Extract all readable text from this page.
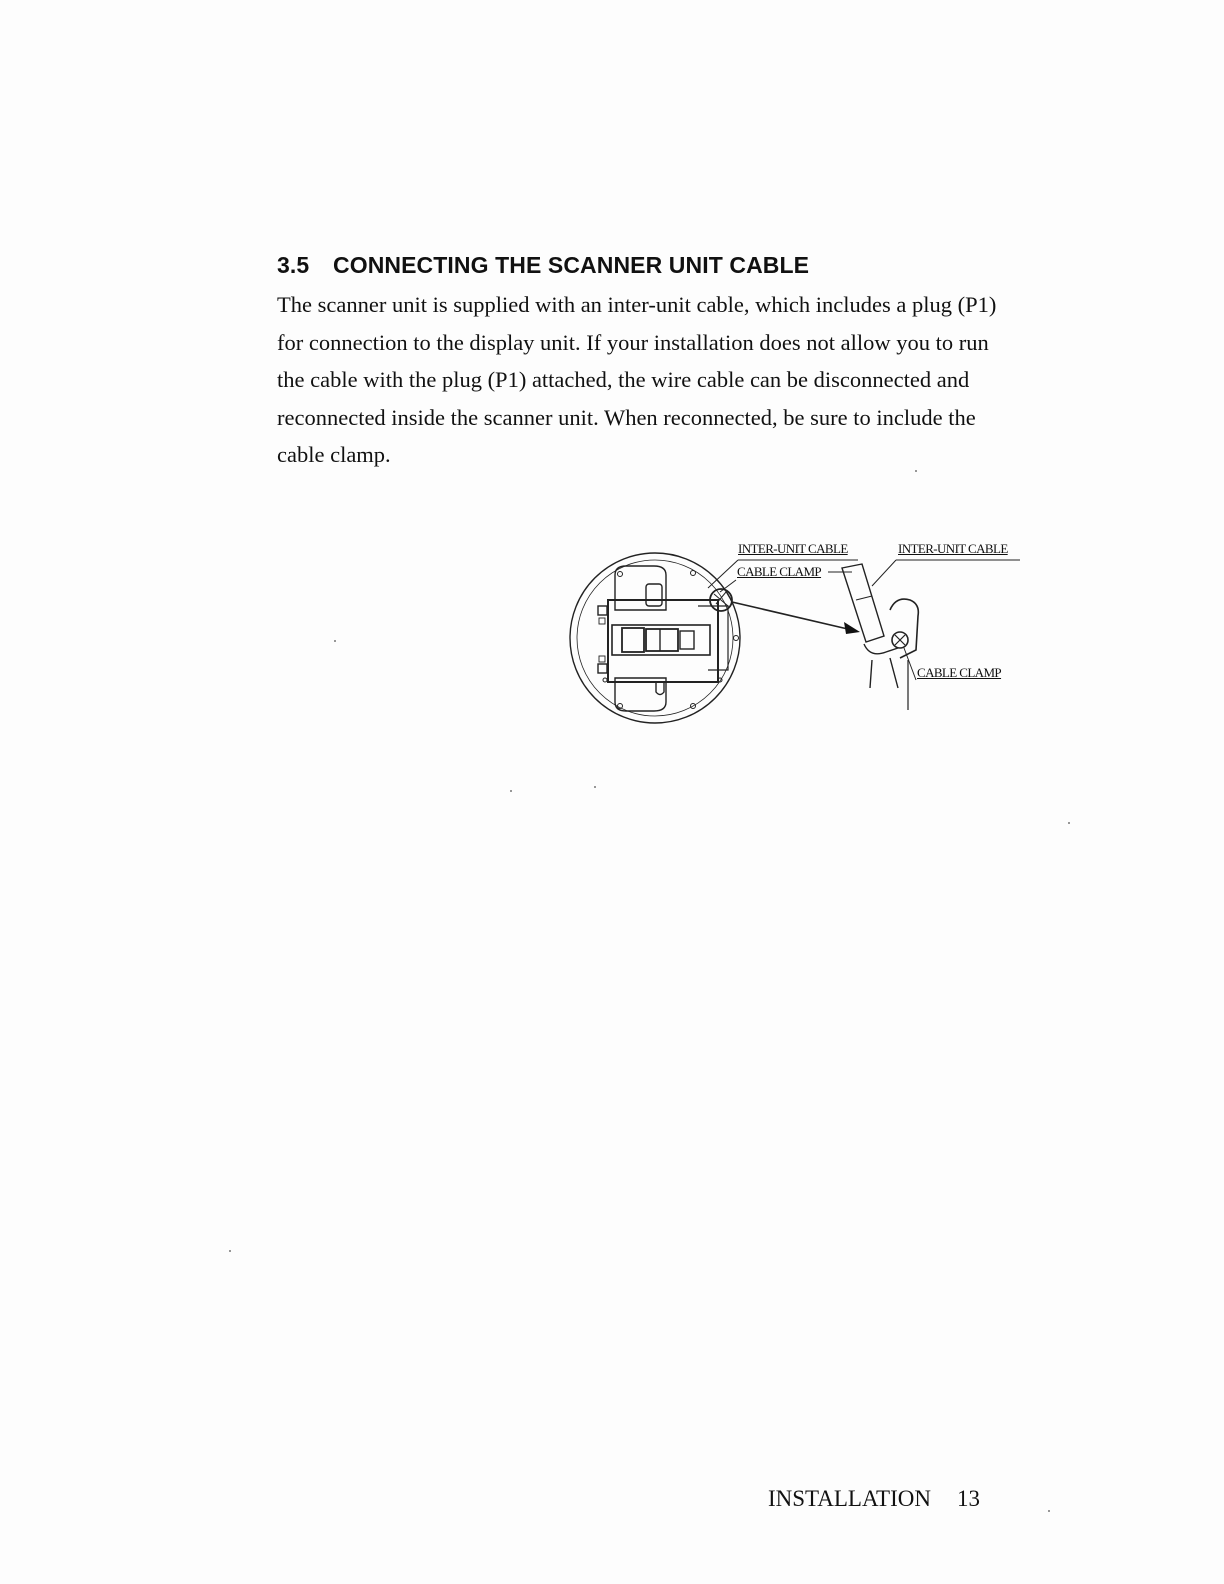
3.5 CONNECTING THE SCANNER UNIT CABLE

The scanner unit is supplied with an inter-unit cable, which includes a plug (P1)
for connection to the display unit. If your installation does not allow you to run
the cable with the plug (P1) attached, the wire cable can be disconnected and
reconnected inside the scanner unit. When reconnected, be sure to include the
cable clamp.

INTER-UNIT CABLE
CABLE CLAMP
INTER-UNIT CABLE
CABLE CLAMP
INSTALLATION 13
